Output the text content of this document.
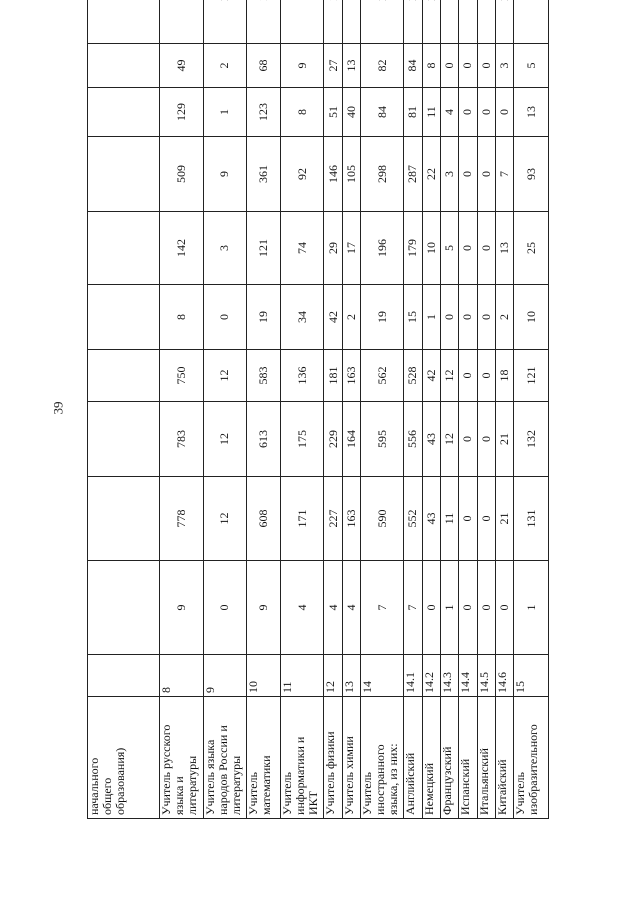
39
начального
общего
образования)											
Учитель русского
языка и
литературы	8	9	778	783	750	8	142	509	129	49	
Учитель языка
народов России и
литературы	9	0	12	12	12	0	3	9	1	2	
Учитель
математики	10	9	608	613	583	19	121	361	123	68	
Учитель
информатики и
ИКТ	11	4	171	175	136	34	74	92	8	9	
Учитель физики	12	4	227	229	181	42	29	146	51	27	
Учитель химии	13	4	163	164	163	2	17	105	40	13	
Учитель
иностранного
языка, из них:	14	7	590	595	562	19	196	298	84	82	
Английский	14.1	7	552	556	528	15	179	287	81	84	
Немецкий	14.2	0	43	43	42	1	10	22	11	8	
Французский	14.3	1	11	12	12	0	5	3	4	0	
Испанский	14.4	0	0	0	0	0	0	0	0	0	
Итальянский	14.5	0	0	0	0	0	0	0	0	0	
Китайский	14.6	0	21	21	18	2	13	7	0	3	
Учитель
изобразительного	15	1	131	132	121	10	25	93	13	5	
